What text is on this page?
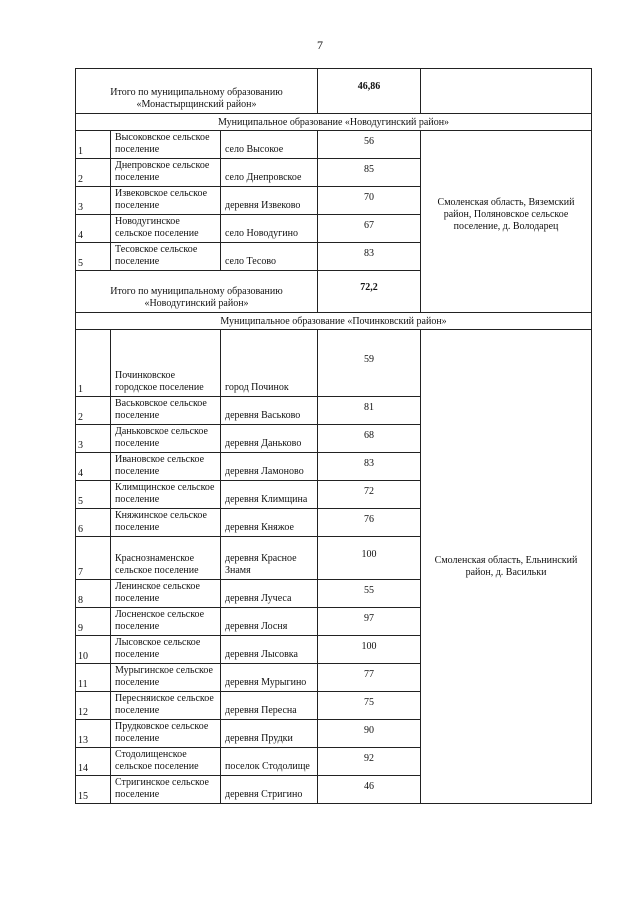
7
Итого по муниципальному образованию «Монастырщинский район»			46,86	
Муниципальное образование «Новодугинский район»				
1	Высоковское сельское поселение	село Высокое	56	Смоленская область, Вяземский район, Поляновское сельское поселение, д. Володарец
2	Днепровское сельское поселение	село Днепровское	85	
3	Извековское сельское поселение	деревня Извеково	70	
4	Новодугинское сельское поселение	село Новодугино	67	
5	Тесовское сельское поселение	село Тесово	83	
Итого по муниципальному образованию «Новодугинский район»			72,2	
Муниципальное образование «Починковский район»				
1	Починковское городское поселение	город Починок	59	Смоленская область, Ельнинский район, д. Васильки
2	Васьковское сельское поселение	деревня Васьково	81	
3	Даньковское сельское поселение	деревня Даньково	68	
4	Ивановское сельское поселение	деревня Ламоново	83	
5	Климщинское сельское поселение	деревня Климщина	72	
6	Княжинское сельское поселение	деревня Княжое	76	
7	Краснознаменское сельское поселение	деревня Красное Знамя	100	
8	Ленинское сельское поселение	деревня Лучеса	55	
9	Лосненское сельское поселение	деревня Лосня	97	
10	Лысовское сельское поселение	деревня Лысовка	100	
11	Мурыгинское сельское поселение	деревня Мурыгино	77	
12	Пересняиское сельское поселение	деревня Пересна	75	
13	Прудковское сельское поселение	деревня Прудки	90	
14	Стодолищенское сельское поселение	поселок Стодолище	92	
15	Стригинское сельское поселение	деревня Стригино	46	
